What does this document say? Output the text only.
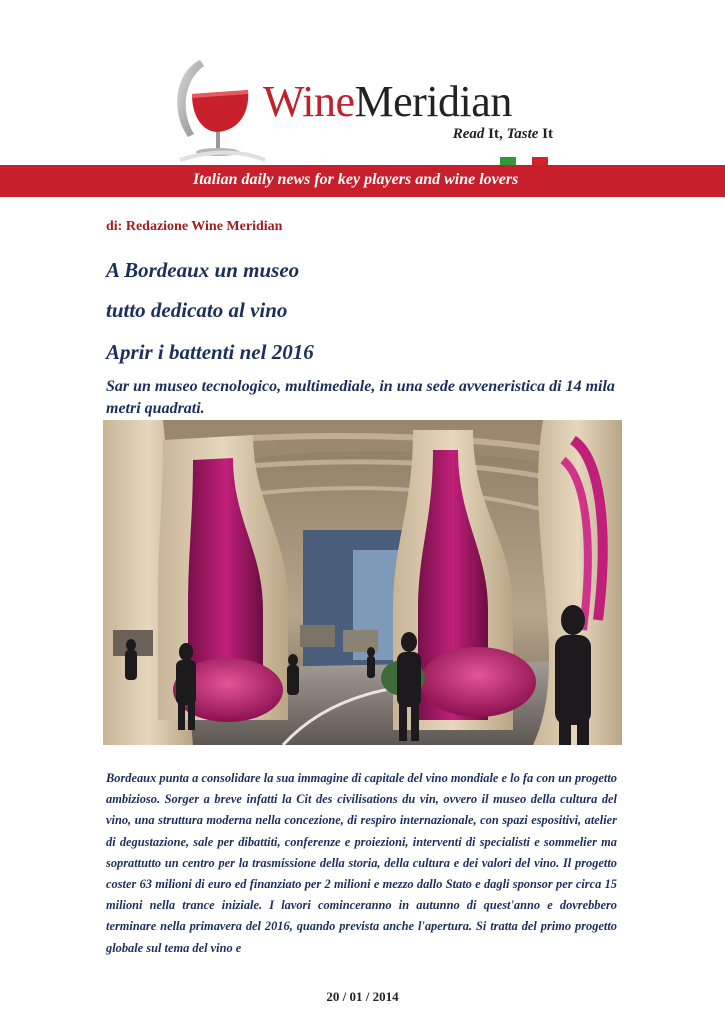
WineMeridian
Read It, Taste It
Italian daily news for key players and wine lovers
di: Redazione Wine Meridian
A Bordeaux un museo
tutto dedicato al vino
Aprir i battenti nel 2016
Sar un museo tecnologico, multimediale, in una sede avveneristica di 14 mila metri quadrati.
Bordeaux punta a consolidare la sua immagine di capitale del vino mondiale e lo fa con un progetto ambizioso. Sorger a breve infatti la Cit des civilisations du vin, ovvero il museo della cultura del vino, una struttura moderna nella concezione, di respiro internazionale, con spazi espositivi, atelier di degustazione, sale per dibattiti, conferenze e proiezioni, interventi di specialisti e sommelier ma soprattutto un centro per la trasmissione della storia, della cultura e dei valori del vino. Il progetto coster 63 milioni di euro ed finanziato per 2 milioni e mezzo dallo Stato e dagli sponsor per circa 15 milioni nella trance iniziale. I lavori cominceranno in autunno di quest'anno e dovrebbero terminare nella primavera del 2016, quando prevista anche l'apertura. Si tratta del primo progetto globale sul tema del vino e
20 / 01 / 2014
